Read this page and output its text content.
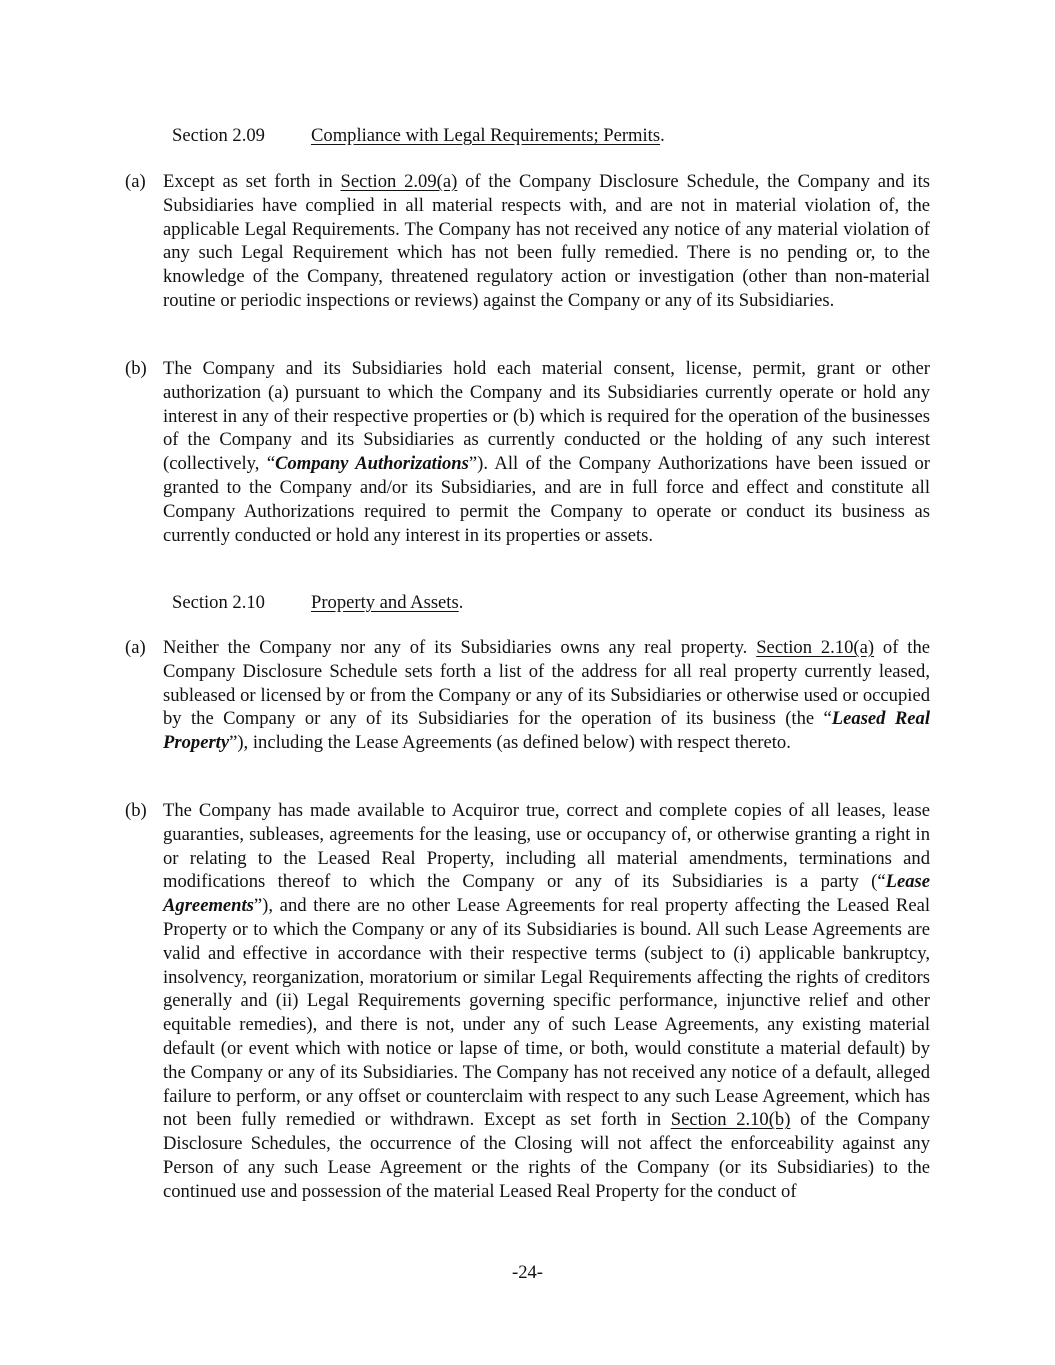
Section 2.09 Compliance with Legal Requirements; Permits.
(a) Except as set forth in Section 2.09(a) of the Company Disclosure Schedule, the Company and its Subsidiaries have complied in all material respects with, and are not in material violation of, the applicable Legal Requirements. The Company has not received any notice of any material violation of any such Legal Requirement which has not been fully remedied. There is no pending or, to the knowledge of the Company, threatened regulatory action or investigation (other than non-material routine or periodic inspections or reviews) against the Company or any of its Subsidiaries.
(b) The Company and its Subsidiaries hold each material consent, license, permit, grant or other authorization (a) pursuant to which the Company and its Subsidiaries currently operate or hold any interest in any of their respective properties or (b) which is required for the operation of the businesses of the Company and its Subsidiaries as currently conducted or the holding of any such interest (collectively, “Company Authorizations”). All of the Company Authorizations have been issued or granted to the Company and/or its Subsidiaries, and are in full force and effect and constitute all Company Authorizations required to permit the Company to operate or conduct its business as currently conducted or hold any interest in its properties or assets.
Section 2.10 Property and Assets.
(a) Neither the Company nor any of its Subsidiaries owns any real property. Section 2.10(a) of the Company Disclosure Schedule sets forth a list of the address for all real property currently leased, subleased or licensed by or from the Company or any of its Subsidiaries or otherwise used or occupied by the Company or any of its Subsidiaries for the operation of its business (the “Leased Real Property”), including the Lease Agreements (as defined below) with respect thereto.
(b) The Company has made available to Acquiror true, correct and complete copies of all leases, lease guaranties, subleases, agreements for the leasing, use or occupancy of, or otherwise granting a right in or relating to the Leased Real Property, including all material amendments, terminations and modifications thereof to which the Company or any of its Subsidiaries is a party (“Lease Agreements”), and there are no other Lease Agreements for real property affecting the Leased Real Property or to which the Company or any of its Subsidiaries is bound. All such Lease Agreements are valid and effective in accordance with their respective terms (subject to (i) applicable bankruptcy, insolvency, reorganization, moratorium or similar Legal Requirements affecting the rights of creditors generally and (ii) Legal Requirements governing specific performance, injunctive relief and other equitable remedies), and there is not, under any of such Lease Agreements, any existing material default (or event which with notice or lapse of time, or both, would constitute a material default) by the Company or any of its Subsidiaries. The Company has not received any notice of a default, alleged failure to perform, or any offset or counterclaim with respect to any such Lease Agreement, which has not been fully remedied or withdrawn. Except as set forth in Section 2.10(b) of the Company Disclosure Schedules, the occurrence of the Closing will not affect the enforceability against any Person of any such Lease Agreement or the rights of the Company (or its Subsidiaries) to the continued use and possession of the material Leased Real Property for the conduct of
-24-
